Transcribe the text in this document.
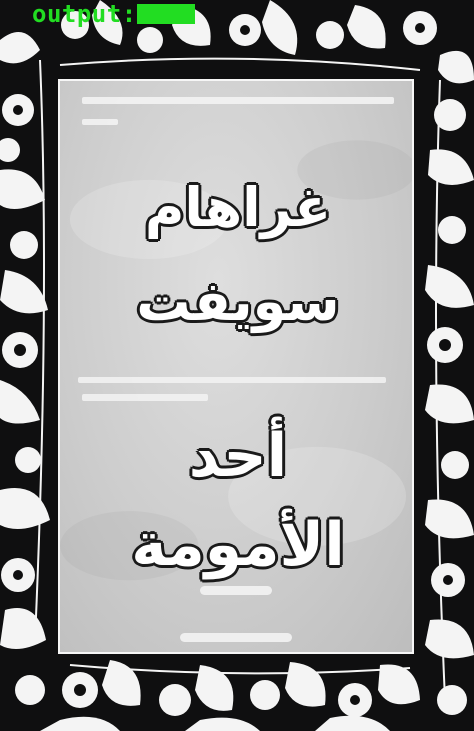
output:
غراهام
سويفت
أحد
الأمومة
